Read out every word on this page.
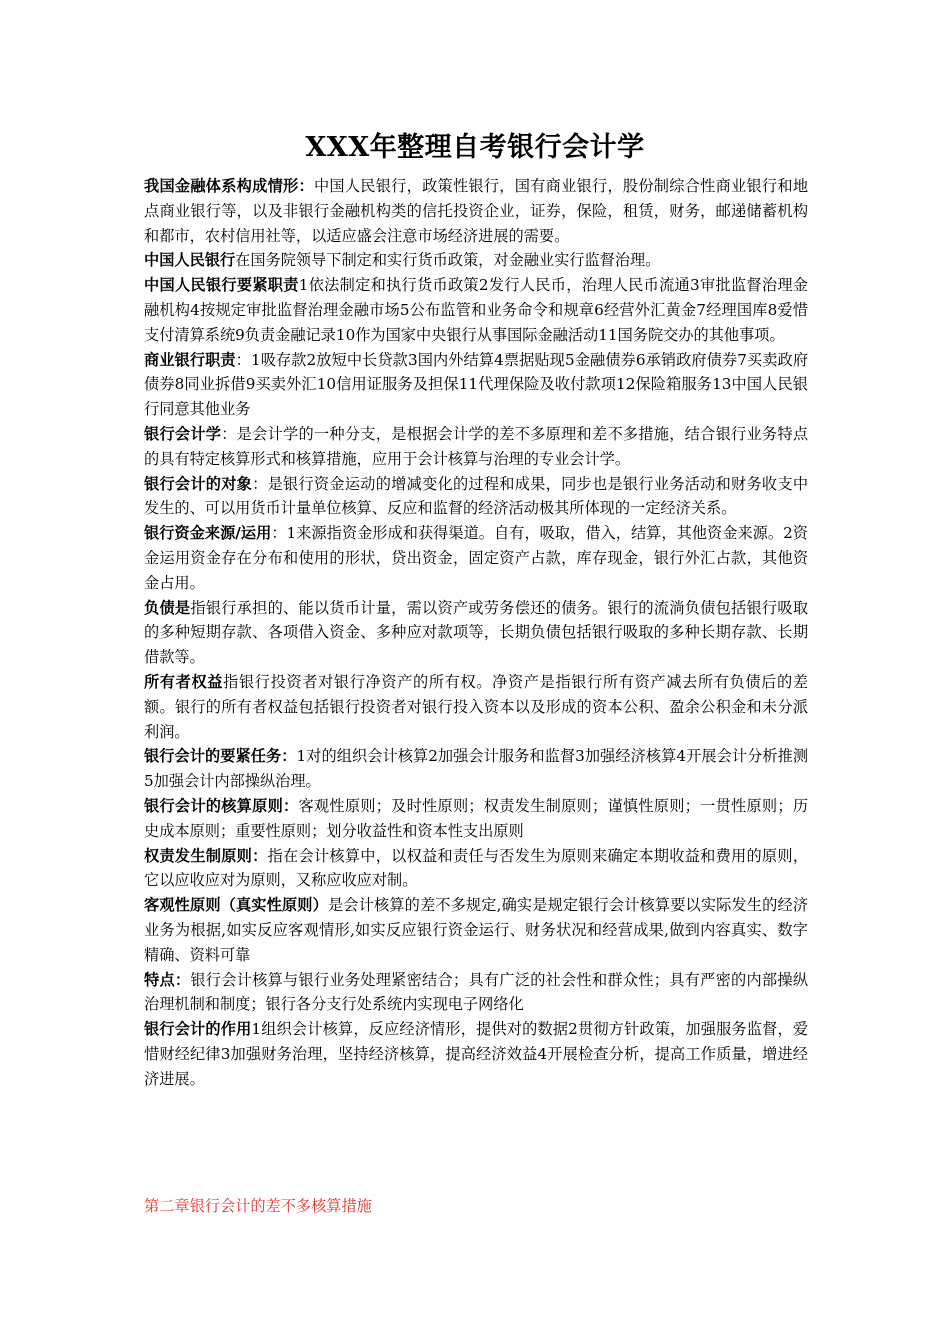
XXX年整理自考银行会计学

我国金融体系构成情形：中国人民银行，政策性银行，国有商业银行，股份制综合性商业银行和地点商业银行等，以及非银行金融机构类的信托投资企业，证券，保险，租赁，财务，邮递储蓄机构和都市，农村信用社等，以适应盛会注意市场经济进展的需要。

中国人民银行在国务院领导下制定和实行货币政策，对金融业实行监督治理。

中国人民银行要紧职责1依法制定和执行货币政策2发行人民币，治理人民币流通3审批监督治理金融机构4按规定审批监督治理金融市场5公布监管和业务命令和规章6经营外汇黄金7经理国库8爱惜支付清算系统9负责金融记录10作为国家中央银行从事国际金融活动11国务院交办的其他事项。

商业银行职责：1吸存款2放短中长贷款3国内外结算4票据贴现5金融债券6承销政府债券7买卖政府债券8同业拆借9买卖外汇10信用证服务及担保11代理保险及收付款项12保险箱服务13中国人民银行同意其他业务

银行会计学：是会计学的一种分支，是根据会计学的差不多原理和差不多措施，结合银行业务特点的具有特定核算形式和核算措施，应用于会计核算与治理的专业会计学。

银行会计的对象：是银行资金运动的增减变化的过程和成果，同步也是银行业务活动和财务收支中发生的、可以用货币计量单位核算、反应和监督的经济活动极其所体现的一定经济关系。

银行资金来源/运用：1来源指资金形成和获得渠道。自有，吸取，借入，结算，其他资金来源。2资金运用资金存在分布和使用的形状，贷出资金，固定资产占款，库存现金，银行外汇占款，其他资金占用。

负债是指银行承担的、能以货币计量，需以资产或劳务偿还的债务。银行的流淌负债包括银行吸取的多种短期存款、各项借入资金、多种应对款项等，长期负债包括银行吸取的多种长期存款、长期借款等。

所有者权益指银行投资者对银行净资产的所有权。净资产是指银行所有资产减去所有负债后的差额。银行的所有者权益包括银行投资者对银行投入资本以及形成的资本公积、盈余公积金和未分派利润。

银行会计的要紧任务：1对的组织会计核算2加强会计服务和监督3加强经济核算4开展会计分析推测5加强会计内部操纵治理。

银行会计的核算原则：客观性原则；及时性原则；权责发生制原则；谨慎性原则；一贯性原则；历史成本原则；重要性原则；划分收益性和资本性支出原则

权责发生制原则：指在会计核算中，以权益和责任与否发生为原则来确定本期收益和费用的原则，它以应收应对为原则，又称应收应对制。

客观性原则（真实性原则）是会计核算的差不多规定,确实是规定银行会计核算要以实际发生的经济业务为根据,如实反应客观情形,如实反应银行资金运行、财务状况和经营成果,做到内容真实、数字精确、资料可靠

特点：银行会计核算与银行业务处理紧密结合；具有广泛的社会性和群众性；具有严密的内部操纵治理机制和制度；银行各分支行处系统内实现电子网络化

银行会计的作用1组织会计核算，反应经济情形，提供对的数据2贯彻方针政策，加强服务监督，爱惜财经纪律3加强财务治理，坚持经济核算，提高经济效益4开展检查分析，提高工作质量，增进经济进展。

第二章银行会计的差不多核算措施
